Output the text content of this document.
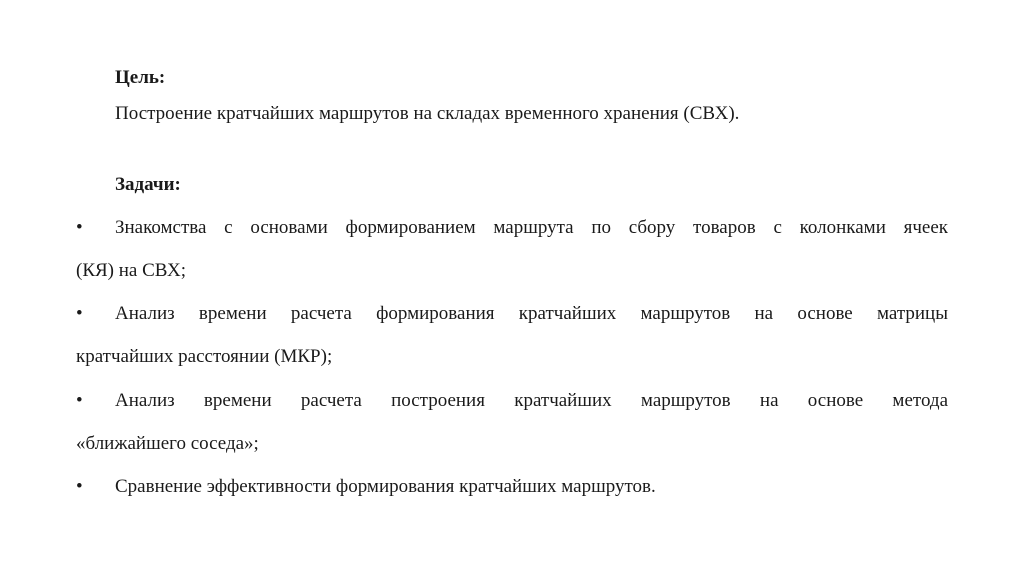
Цель:
Построение кратчайших маршрутов на складах временного хранения (СВХ).
Задачи:
• Знакомства с основами формированием маршрута по сбору товаров с колонками ячеек
(КЯ) на СВХ;
• Анализ времени расчета формирования кратчайших маршрутов на основе матрицы
кратчайших расстоянии (МКР);
• Анализ времени расчета построения кратчайших маршрутов на основе метода
«ближайшего соседа»;
• Сравнение эффективности формирования кратчайших маршрутов.
